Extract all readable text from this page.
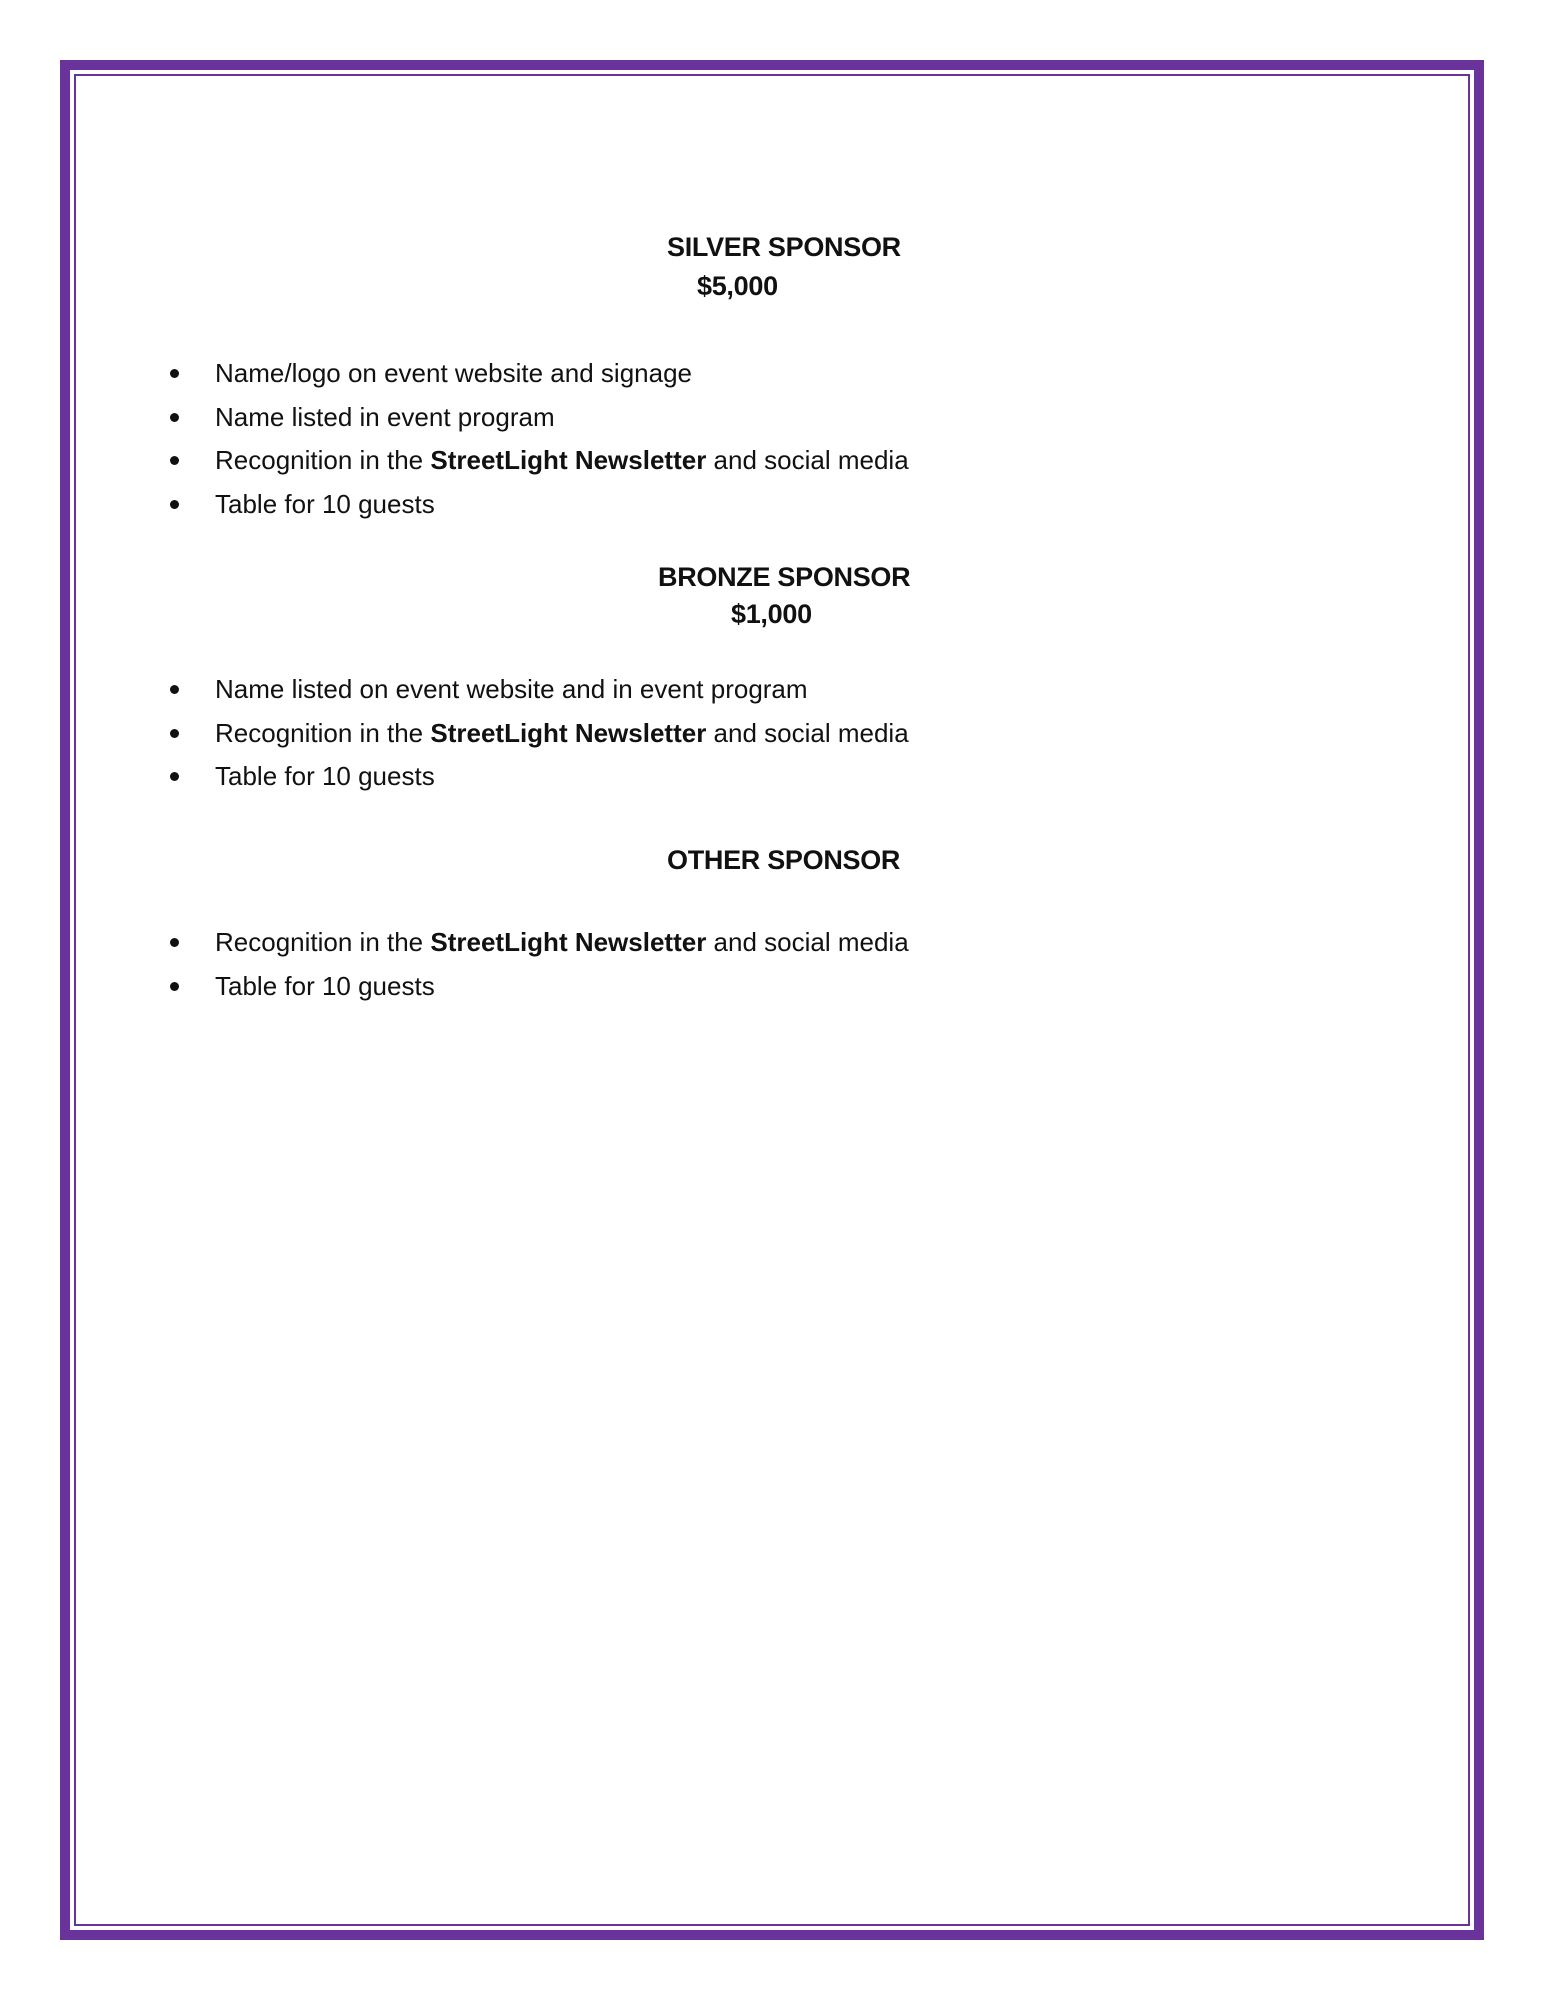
SILVER SPONSOR
$5,000
Name/logo on event website and signage
Name listed in event program
Recognition in the StreetLight Newsletter and social media
Table for 10 guests
BRONZE SPONSOR
$1,000
Name listed on event website and in event program
Recognition in the StreetLight Newsletter and social media
Table for 10 guests
OTHER SPONSOR
Recognition in the StreetLight Newsletter and social media
Table for 10 guests
